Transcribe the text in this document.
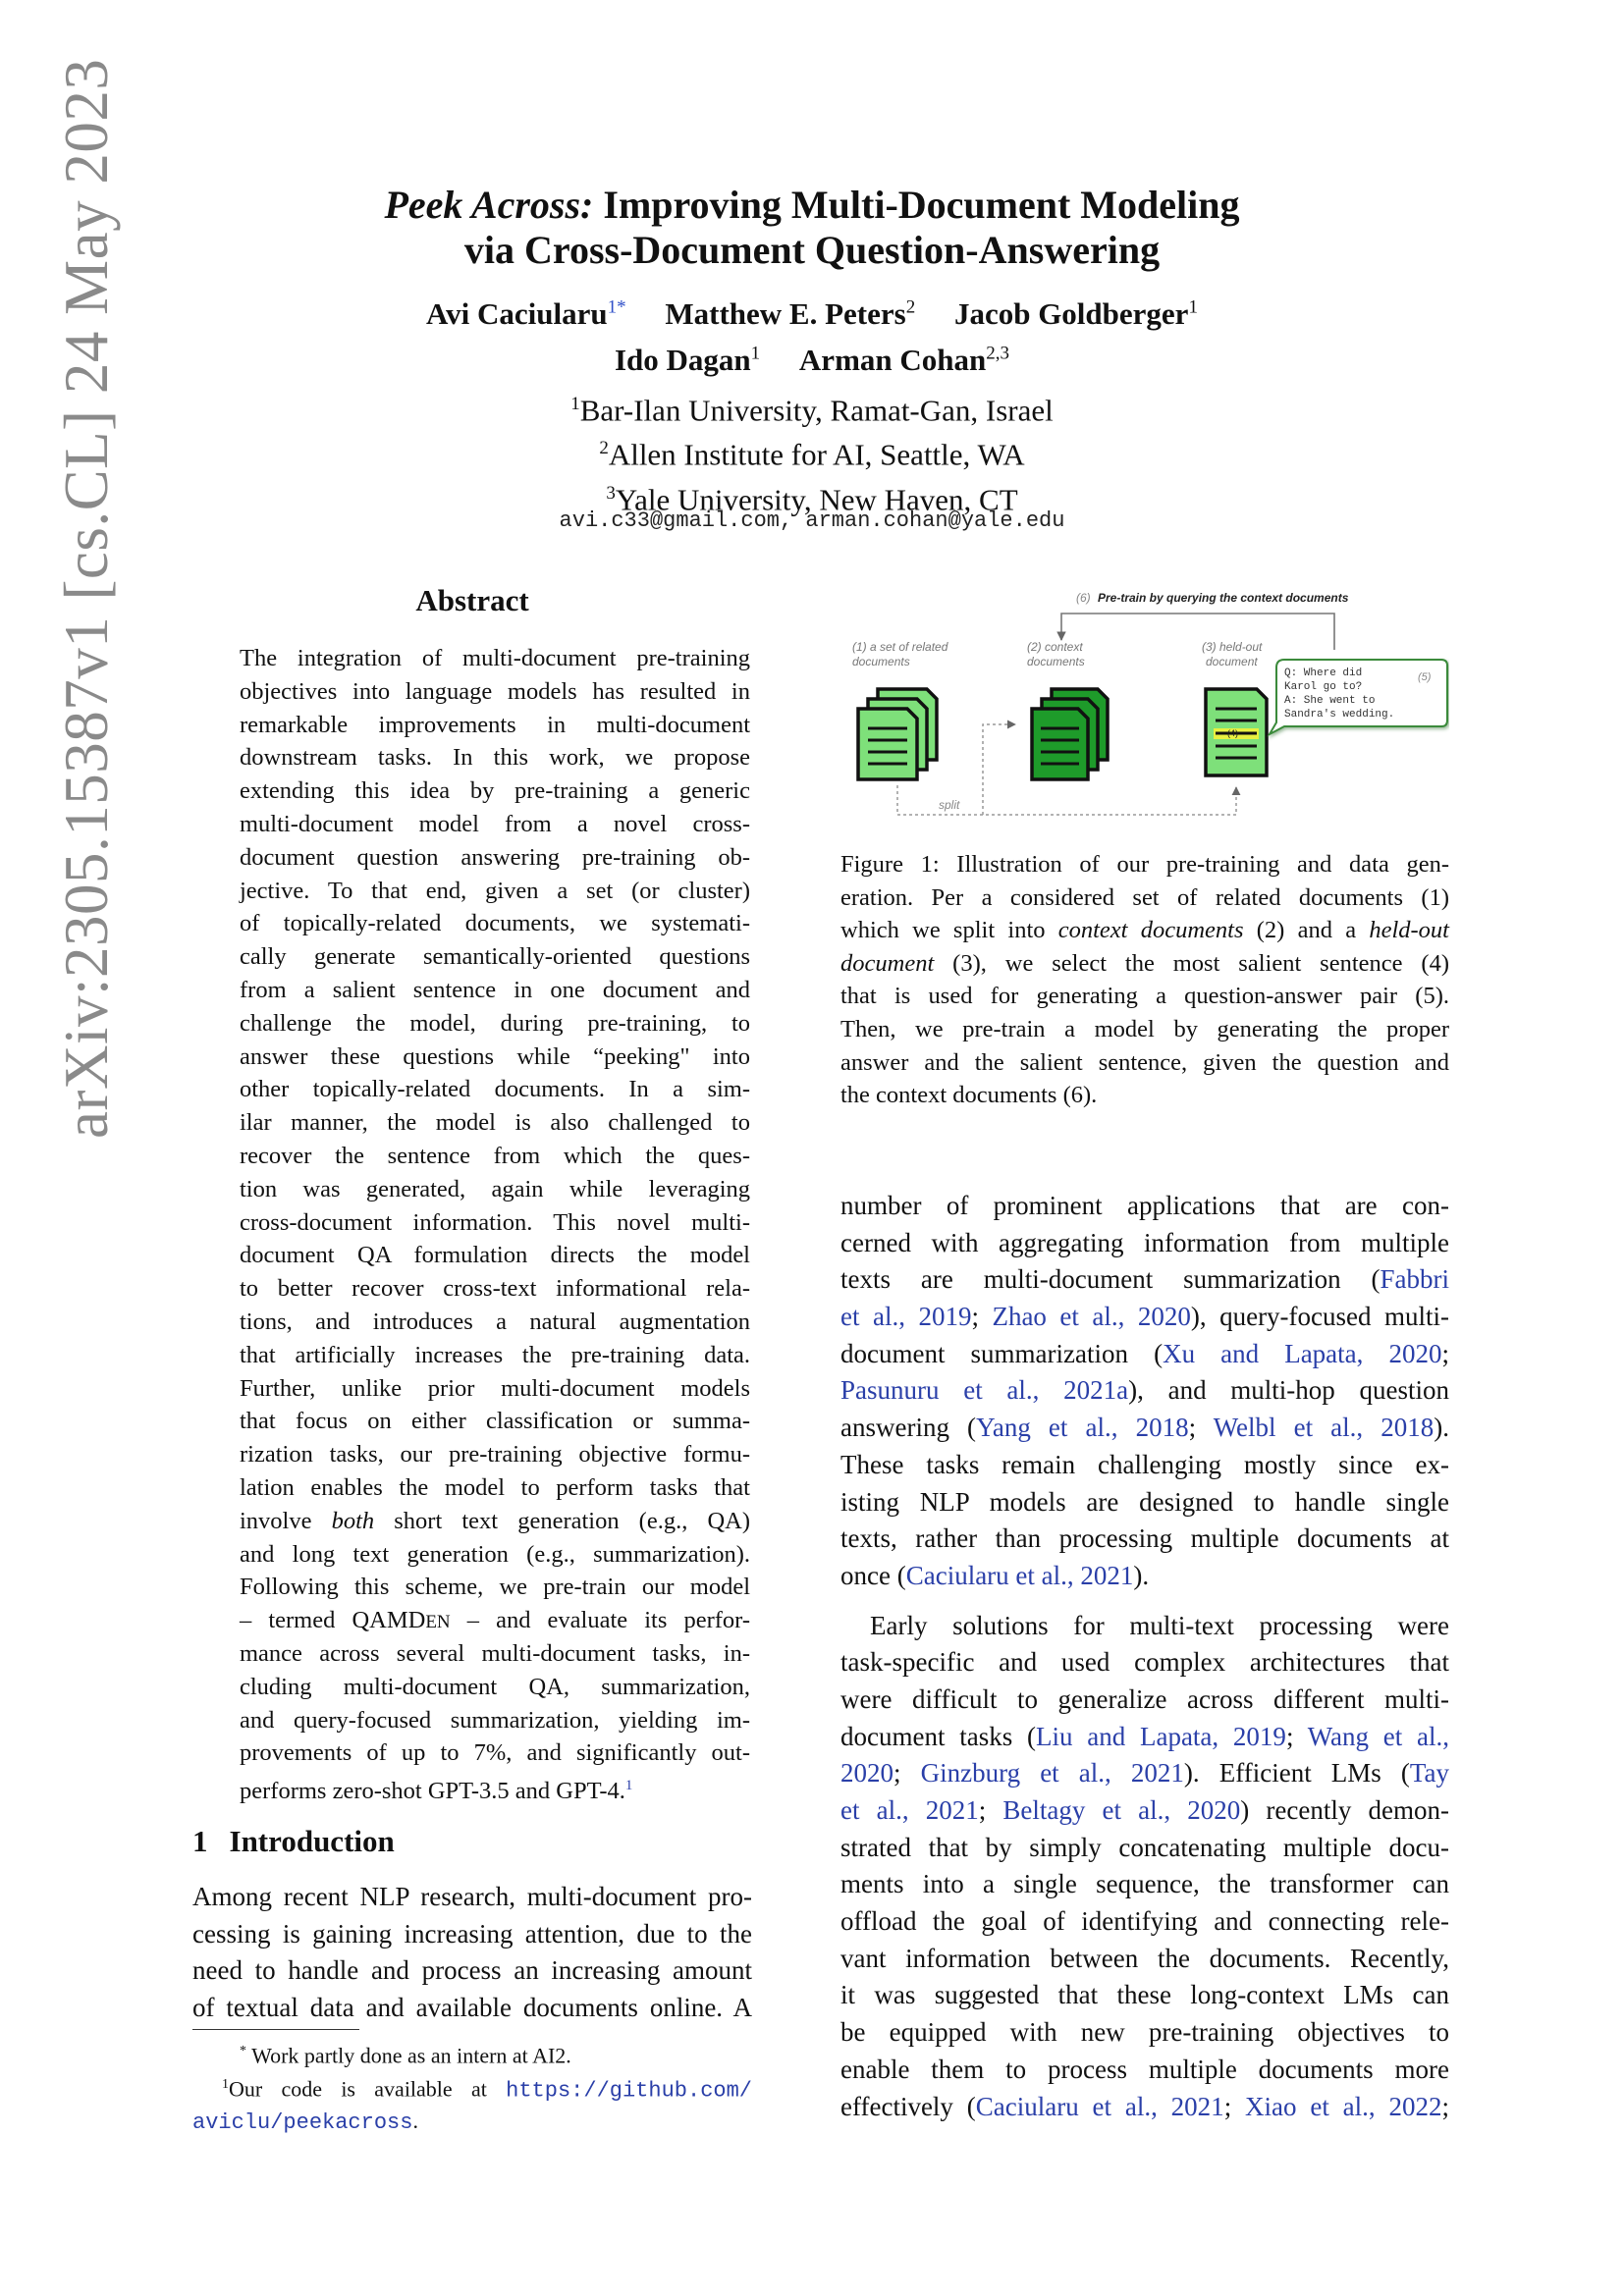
arXiv:2305.15387v1 [cs.CL] 24 May 2023	Peek Across: Improving Multi-Document Modeling
via Cross-Document Question-Answering
Avi Caciularu$^{1*}$ Matthew E. Peters$^2$ Jacob Goldberger$^1$
Ido Dagan$^1$ Arman Cohan$^{2,3}$
$^1$Bar-Ilan University, Ramat-Gan, Israel
$^2$Allen Institute for AI, Seattle, WA
$^3$Yale University, New Haven, CT
avi.c33@gmail.com, arman.cohan@yale.edu
Abstract
The integration of multi-document pre-training
objectives into language models has resulted in
remarkable improvements in multi-document
downstream tasks. In this work, we propose
extending this idea by pre-training a generic
multi-document model from a novel cross-
document question answering pre-training ob-
jective. To that end, given a set (or cluster)
of topically-related documents, we systemati-
cally generate semantically-oriented questions
from a salient sentence in one document and
challenge the model, during pre-training, to
answer these questions while “peeking" into
other topically-related documents. In a sim-
ilar manner, the model is also challenged to
recover the sentence from which the ques-
tion was generated, again while leveraging
cross-document information. This novel multi-
document QA formulation directs the model
to better recover cross-text informational rela-
tions, and introduces a natural augmentation
that artificially increases the pre-training data.
Further, unlike prior multi-document models
that focus on either classification or summa-
rization tasks, our pre-training objective formu-
lation enables the model to perform tasks that
involve both short text generation (e.g., QA)
and long text generation (e.g., summarization).
Following this scheme, we pre-train our model
– termed QAMDEN – and evaluate its perfor-
mance across several multi-document tasks, in-
cluding multi-document QA, summarization,
and query-focused summarization, yielding im-
provements of up to 7%, and significantly out-
performs zero-shot GPT-3.5 and GPT-4.$^1$
1 Introduction
Among recent NLP research, multi-document pro-
cessing is gaining increasing attention, due to the
need to handle and process an increasing amount
of textual data and available documents online. A
* Work partly done as an intern at AI2.
$^1$Our code is available at https://github.com/
aviclu/peekacross.
(6) Pre-train by querying the context documents
(1) a set of related
documents
(2) context
documents
(3) held-out
document
(4)
split
Q: Where did
Karol go to?
A: She went to
Sandra's wedding.
(5)
Figure 1: Illustration of our pre-training and data gen-
eration. Per a considered set of related documents (1)
which we split into context documents (2) and a held-out
document (3), we select the most salient sentence (4)
that is used for generating a question-answer pair (5).
Then, we pre-train a model by generating the proper
answer and the salient sentence, given the question and
the context documents (6).
number of prominent applications that are con-
cerned with aggregating information from multiple
texts are multi-document summarization (Fabbri
et al., 2019; Zhao et al., 2020), query-focused multi-
document summarization (Xu and Lapata, 2020;
Pasunuru et al., 2021a), and multi-hop question
answering (Yang et al., 2018; Welbl et al., 2018).
These tasks remain challenging mostly since ex-
isting NLP models are designed to handle single
texts, rather than processing multiple documents at
once (Caciularu et al., 2021).
Early solutions for multi-text processing were
task-specific and used complex architectures that
were difficult to generalize across different multi-
document tasks (Liu and Lapata, 2019; Wang et al.,
2020; Ginzburg et al., 2021). Efficient LMs (Tay
et al., 2021; Beltagy et al., 2020) recently demon-
strated that by simply concatenating multiple docu-
ments into a single sequence, the transformer can
offload the goal of identifying and connecting rele-
vant information between the documents. Recently,
it was suggested that these long-context LMs can
be equipped with new pre-training objectives to
enable them to process multiple documents more
effectively (Caciularu et al., 2021; Xiao et al., 2022;
